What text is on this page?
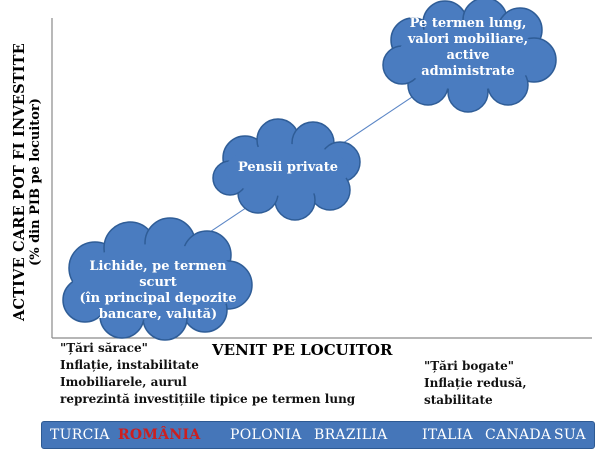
ACTIVE CARE POT FI INVESTITE (% din PIB pe locuitor)
Lichide, pe termen scurt
(în principal depozite
bancare, valută)
Pensii private
Pe termen lung,
valori mobiliare,
active administrate
VENIT PE LOCUITOR
"Țări sărace"
Inflație, instabilitate
Imobiliarele, aurul
reprezintă investițiile tipice pe termen lung
"Țări bogate"
Inflație redusă, stabilitate
TURCIA ROMÂNIA POLONIA BRAZILIA ITALIA CANADA SUA
